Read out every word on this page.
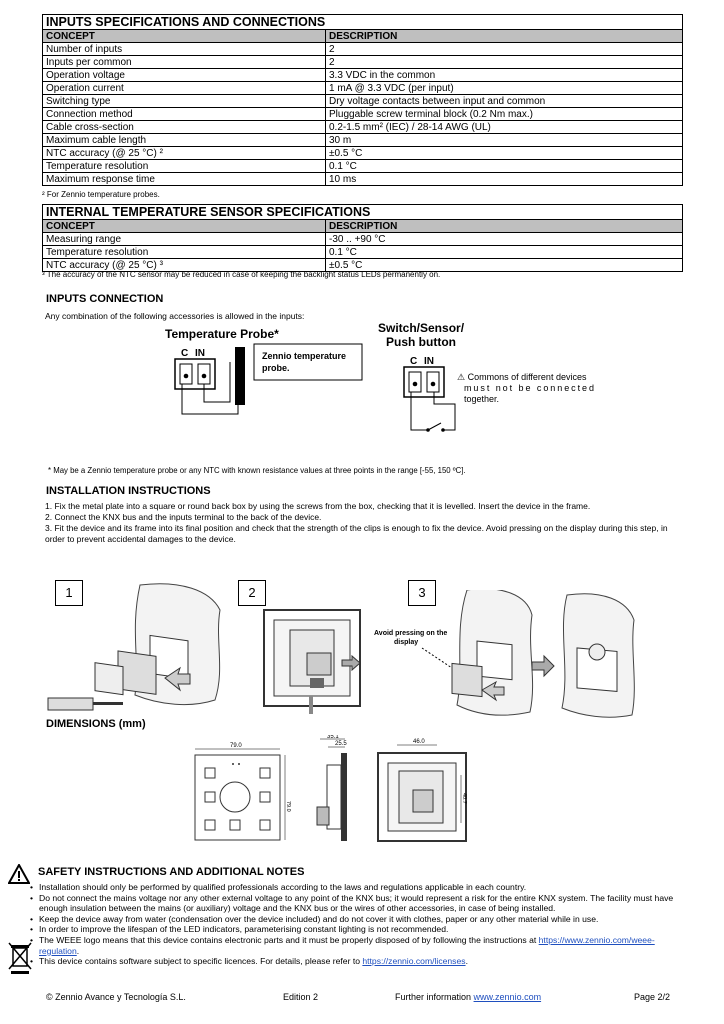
INPUTS SPECIFICATIONS AND CONNECTIONS	
CONCEPT	DESCRIPTION
Number of inputs	2
Inputs per common	2
Operation voltage	3.3 VDC in the common
Operation current	1 mA @ 3.3 VDC (per input)
Switching type	Dry voltage contacts between input and common
Connection method	Pluggable screw terminal block (0.2 Nm max.)
Cable cross-section	0.2-1.5 mm² (IEC) / 28-14 AWG (UL)
Maximum cable length	30 m
NTC accuracy (@ 25 °C) ²	±0.5 °C
Temperature resolution	0.1 °C
Maximum response time	10 ms
² For Zennio temperature probes.
INTERNAL TEMPERATURE SENSOR SPECIFICATIONS	
CONCEPT	DESCRIPTION
Measuring range	-30 .. +90 °C
Temperature resolution	0.1 °C
NTC accuracy (@ 25 °C) ³	±0.5 °C
³ The accuracy of the NTC sensor may be reduced in case of keeping the backlight status LEDs permanently on.
INPUTS CONNECTION
Any combination of the following accessories is allowed in the inputs:
Temperature Probe*
C IN	Zennio temperature
probe.
Switch/Sensor/
Push button
C IN
⚠ Commons of different devices
must not be connected
together.
* May be a Zennio temperature probe or any NTC with known resistance values at three points in the range [-55, 150 ºC].
INSTALLATION INSTRUCTIONS
1. Fix the metal plate into a square or round back box by using the screws from the box, checking that it is levelled. Insert the device in the frame.
2. Connect the KNX bus and the inputs terminal to the back of the device.
3. Fit the device and its frame into its final position and check that the strength of the clips is enough to fix the device. Avoid pressing on the display during this step, in order to prevent accidental damages to the device.
1	2	3
Avoid pressing on the
display
DIMENSIONS (mm)
79.0
79.0
35.1
25.5	46.0
40.7
SAFETY INSTRUCTIONS AND ADDITIONAL NOTES
• Installation should only be performed by qualified professionals according to the laws and regulations applicable in each country.
• Do not connect the mains voltage nor any other external voltage to any point of the KNX bus; it would represent a risk for the entire KNX system. The facility must have enough insulation between the mains (or auxiliary) voltage and the KNX bus or the wires of other accessories, in case of being installed.
• Keep the device away from water (condensation over the device included) and do not cover it with clothes, paper or any other material while in use.
• In order to improve the lifespan of the LED indicators, parameterising constant lighting is not recommended.
• The WEEE logo means that this device contains electronic parts and it must be properly disposed of by following the instructions at https://www.zennio.com/weee-regulation.
• This device contains software subject to specific licences. For details, please refer to https://zennio.com/licenses.
© Zennio Avance y Tecnología S.L.	Edition 2	Further information www.zennio.com	Page 2/2
